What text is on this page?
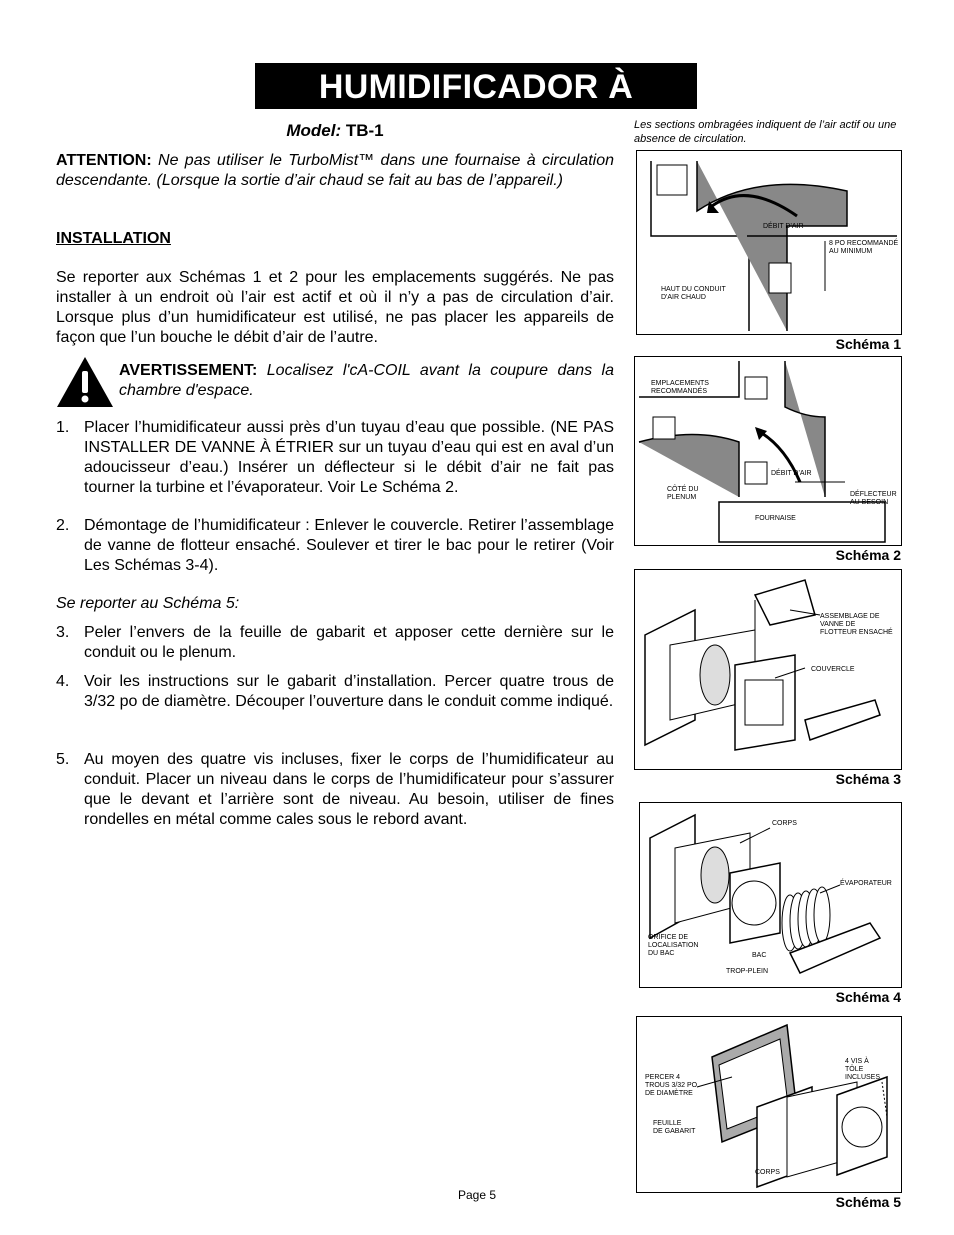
HUMIDIFICADOR À TURBINE
Model: TB-1
ATTENTION: Ne pas utiliser le TurboMist™ dans une fournaise à circulation descendante. (Lorsque la sortie d’air chaud se fait au bas de l’appareil.)
INSTALLATION
Se reporter aux Schémas 1 et 2 pour les emplacements suggérés. Ne pas installer à un endroit où l’air est actif et où il n’y a pas de circulation d’air. Lorsque plus d’un humidificateur est utilisé, ne pas placer les appareils de façon que l’un bouche le débit d’air de l’autre.
AVERTISSEMENT: Localisez l'cA-COIL avant la coupure dans la chambre d'espace.
1. Placer l’humidificateur aussi près d’un tuyau d’eau que possible. (NE PAS INSTALLER DE VANNE À ÉTRIER sur un tuyau d’eau qui est en aval d’un adoucisseur d’eau.) Insérer un déflecteur si le débit d’air ne fait pas tourner la turbine et l’évaporateur. Voir Le Schéma 2.
2. Démontage de l’humidificateur : Enlever le couvercle. Retirer l’assemblage de vanne de flotteur ensaché. Soulever et tirer le bac pour le retirer (Voir Les Schémas 3-4).
Se reporter au Schéma 5:
3. Peler l’envers de la feuille de gabarit et apposer cette dernière sur le conduit ou le plenum.
4. Voir les instructions sur le gabarit d’installation. Percer quatre trous de 3/32 po de diamètre. Découper l’ouverture dans le conduit comme indiqué.
5. Au moyen des quatre vis incluses, fixer le corps de l’humidificateur au conduit. Placer un niveau dans le corps de l’humidificateur pour s’assurer que le devant et l’arrière sont de niveau. Au besoin, utiliser de fines rondelles en métal comme cales sous le rebord avant.
Les sections ombragées indiquent de l’air actif ou une absence de circulation.
DÉBIT D'AIR
8 PO RECOMMANDÉ
AU MINIMUM
HAUT DU CONDUIT
D'AIR CHAUD
Schéma 1
EMPLACEMENTS
RECOMMANDÉS
DÉBIT D'AIR
CÔTÉ DU
PLENUM	DÉFLECTEUR
AU BESOIN
FOURNAISE
Schéma 2
ASSEMBLAGE DE
VANNE DE
FLOTTEUR ENSACHÉ
COUVERCLE
Schéma 3
CORPS
ÉVAPORATEUR
ORIFICE DE
LOCALISATION
DU BAC	BAC
TROP-PLEIN
Schéma 4
PERCER 4
TROUS 3/32 PO
DE DIAMÈTRE
4 VIS À
TÔLE
INCLUSES
FEUILLE
DE GABARIT
CORPS
Schéma 5
Page 5
